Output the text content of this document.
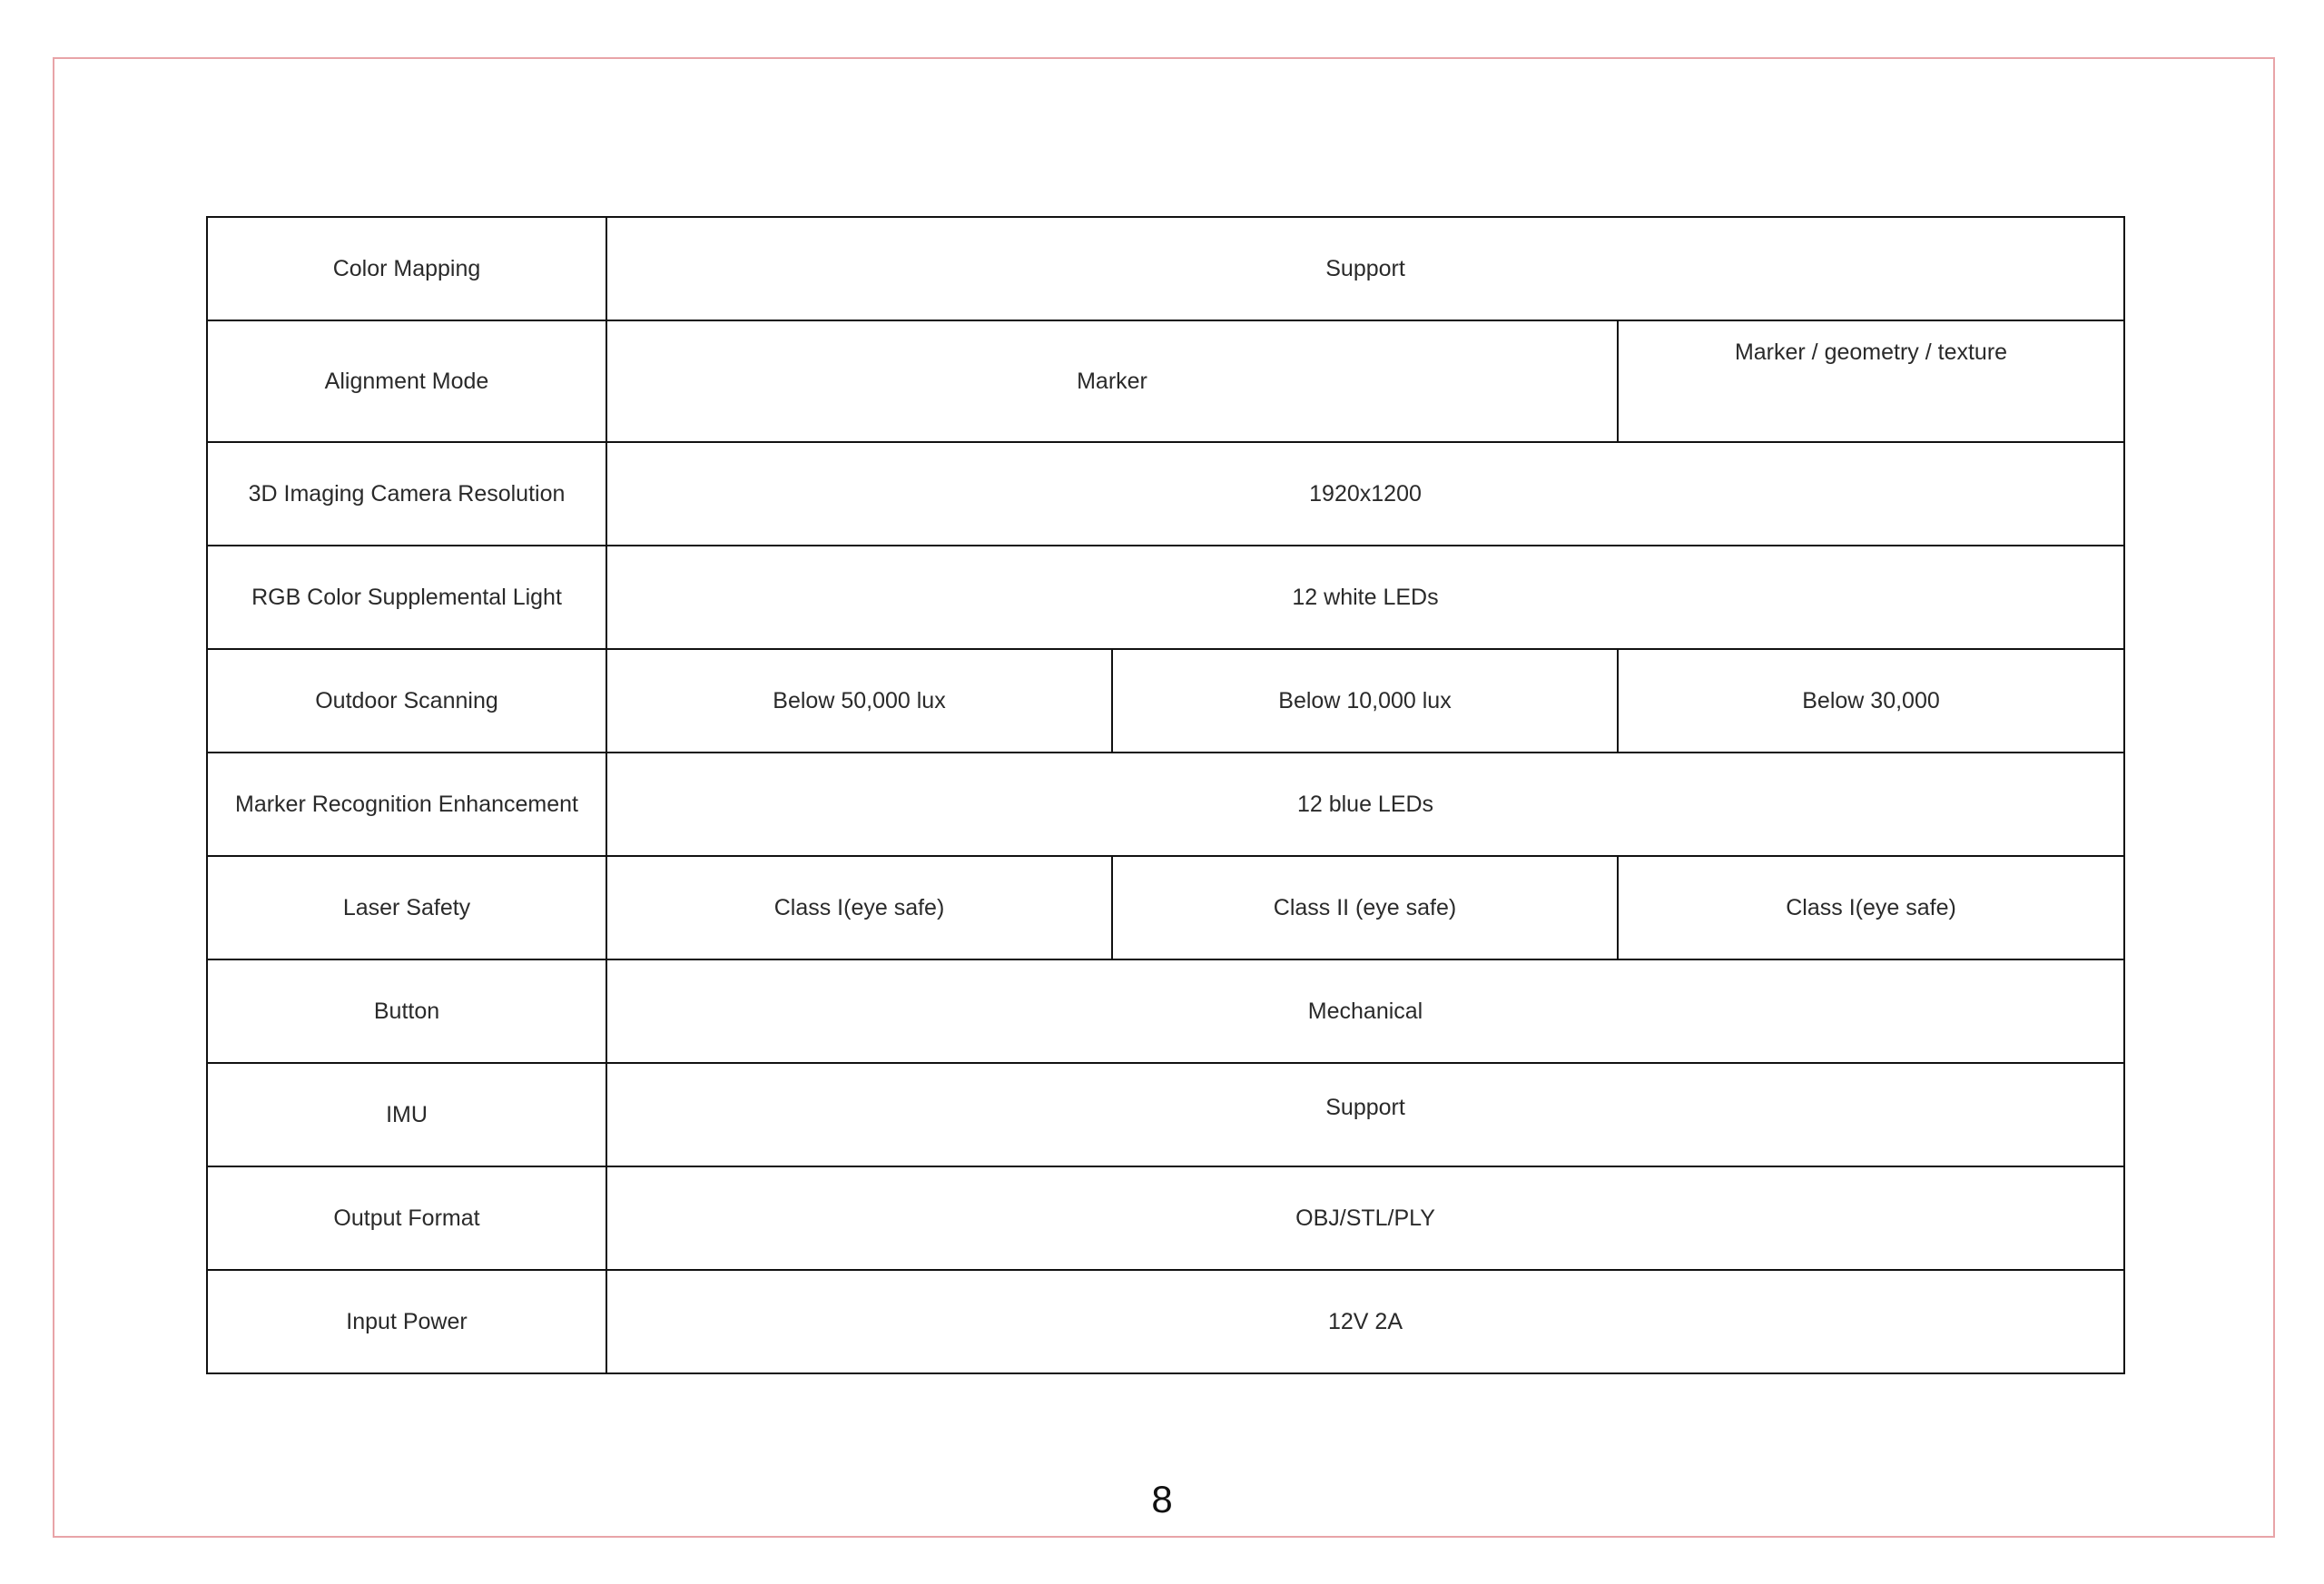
Color Mapping	Support		
Alignment Mode	Marker		Marker / geometry / texture
3D Imaging Camera Resolution	1920x1200		
RGB Color Supplemental Light	12 white LEDs		
Outdoor Scanning	Below 50,000 lux	Below 10,000 lux	Below 30,000
Marker Recognition Enhancement	12 blue LEDs		
Laser Safety	Class I(eye safe)	Class II (eye safe)	Class I(eye safe)
Button	Mechanical		
IMU	Support		
Output Format	OBJ/STL/PLY		
Input Power	12V 2A		
8
